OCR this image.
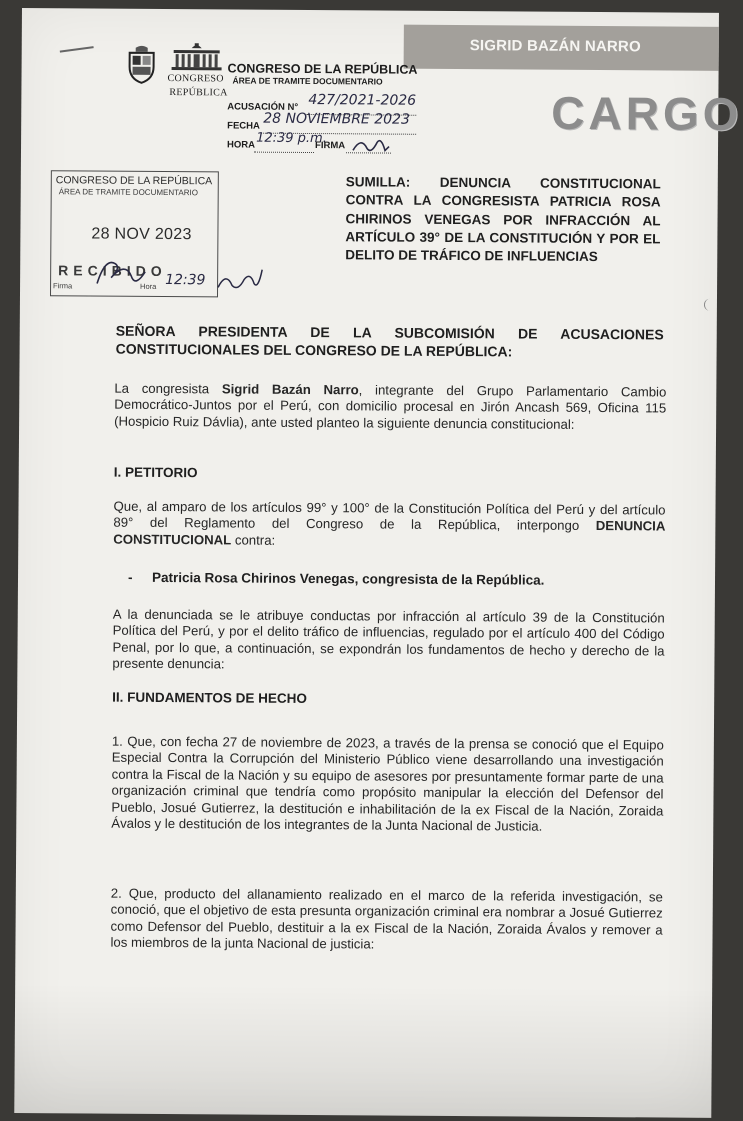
SIGRID BAZÁN NARRO
CONGRESO
REPÚBLICA
CONGRESO DE LA REPÚBLICA
ÁREA DE TRAMITE DOCUMENTARIO
ACUSACIÓN N° 427/2021-2026
FECHA 28 NOVIEMBRE 2023
HORA 12:39 p.m.
FIRMA
CARGO
CONGRESO DE LA REPÚBLICA
ÁREA DE TRAMITE DOCUMENTARIO
28 NOV 2023
RECIBIDO
Firma	Hora 12:39
SUMILLA: DENUNCIA CONSTITUCIONAL CONTRA LA CONGRESISTA PATRICIA ROSA CHIRINOS VENEGAS POR INFRACCIÓN AL ARTÍCULO 39° DE LA CONSTITUCIÓN Y POR EL DELITO DE TRÁFICO DE INFLUENCIAS
SEÑORA PRESIDENTA DE LA SUBCOMISIÓN DE ACUSACIONES CONSTITUCIONALES DEL CONGRESO DE LA REPÚBLICA:
La congresista Sigrid Bazán Narro, integrante del Grupo Parlamentario Cambio Democrático-Juntos por el Perú, con domicilio procesal en Jirón Ancash 569, Oficina 115 (Hospicio Ruiz Dávlia), ante usted planteo la siguiente denuncia constitucional:
I. PETITORIO
Que, al amparo de los artículos 99° y 100° de la Constitución Política del Perú y del artículo 89° del Reglamento del Congreso de la República, interpongo DENUNCIA CONSTITUCIONAL contra:
- Patricia Rosa Chirinos Venegas, congresista de la República.
A la denunciada se le atribuye conductas por infracción al artículo 39 de la Constitución Política del Perú, y por el delito tráfico de influencias, regulado por el artículo 400 del Código Penal, por lo que, a continuación, se expondrán los fundamentos de hecho y derecho de la presente denuncia:
II. FUNDAMENTOS DE HECHO
1. Que, con fecha 27 de noviembre de 2023, a través de la prensa se conoció que el Equipo Especial Contra la Corrupción del Ministerio Público viene desarrollando una investigación contra la Fiscal de la Nación y su equipo de asesores por presuntamente formar parte de una organización criminal que tendría como propósito manipular la elección del Defensor del Pueblo, Josué Gutierrez, la destitución e inhabilitación de la ex Fiscal de la Nación, Zoraida Ávalos y le destitución de los integrantes de la Junta Nacional de Justicia.
2. Que, producto del allanamiento realizado en el marco de la referida investigación, se conoció, que el objetivo de esta presunta organización criminal era nombrar a Josué Gutierrez como Defensor del Pueblo, destituir a la ex Fiscal de la Nación, Zoraida Ávalos y remover a los miembros de la junta Nacional de justicia:
